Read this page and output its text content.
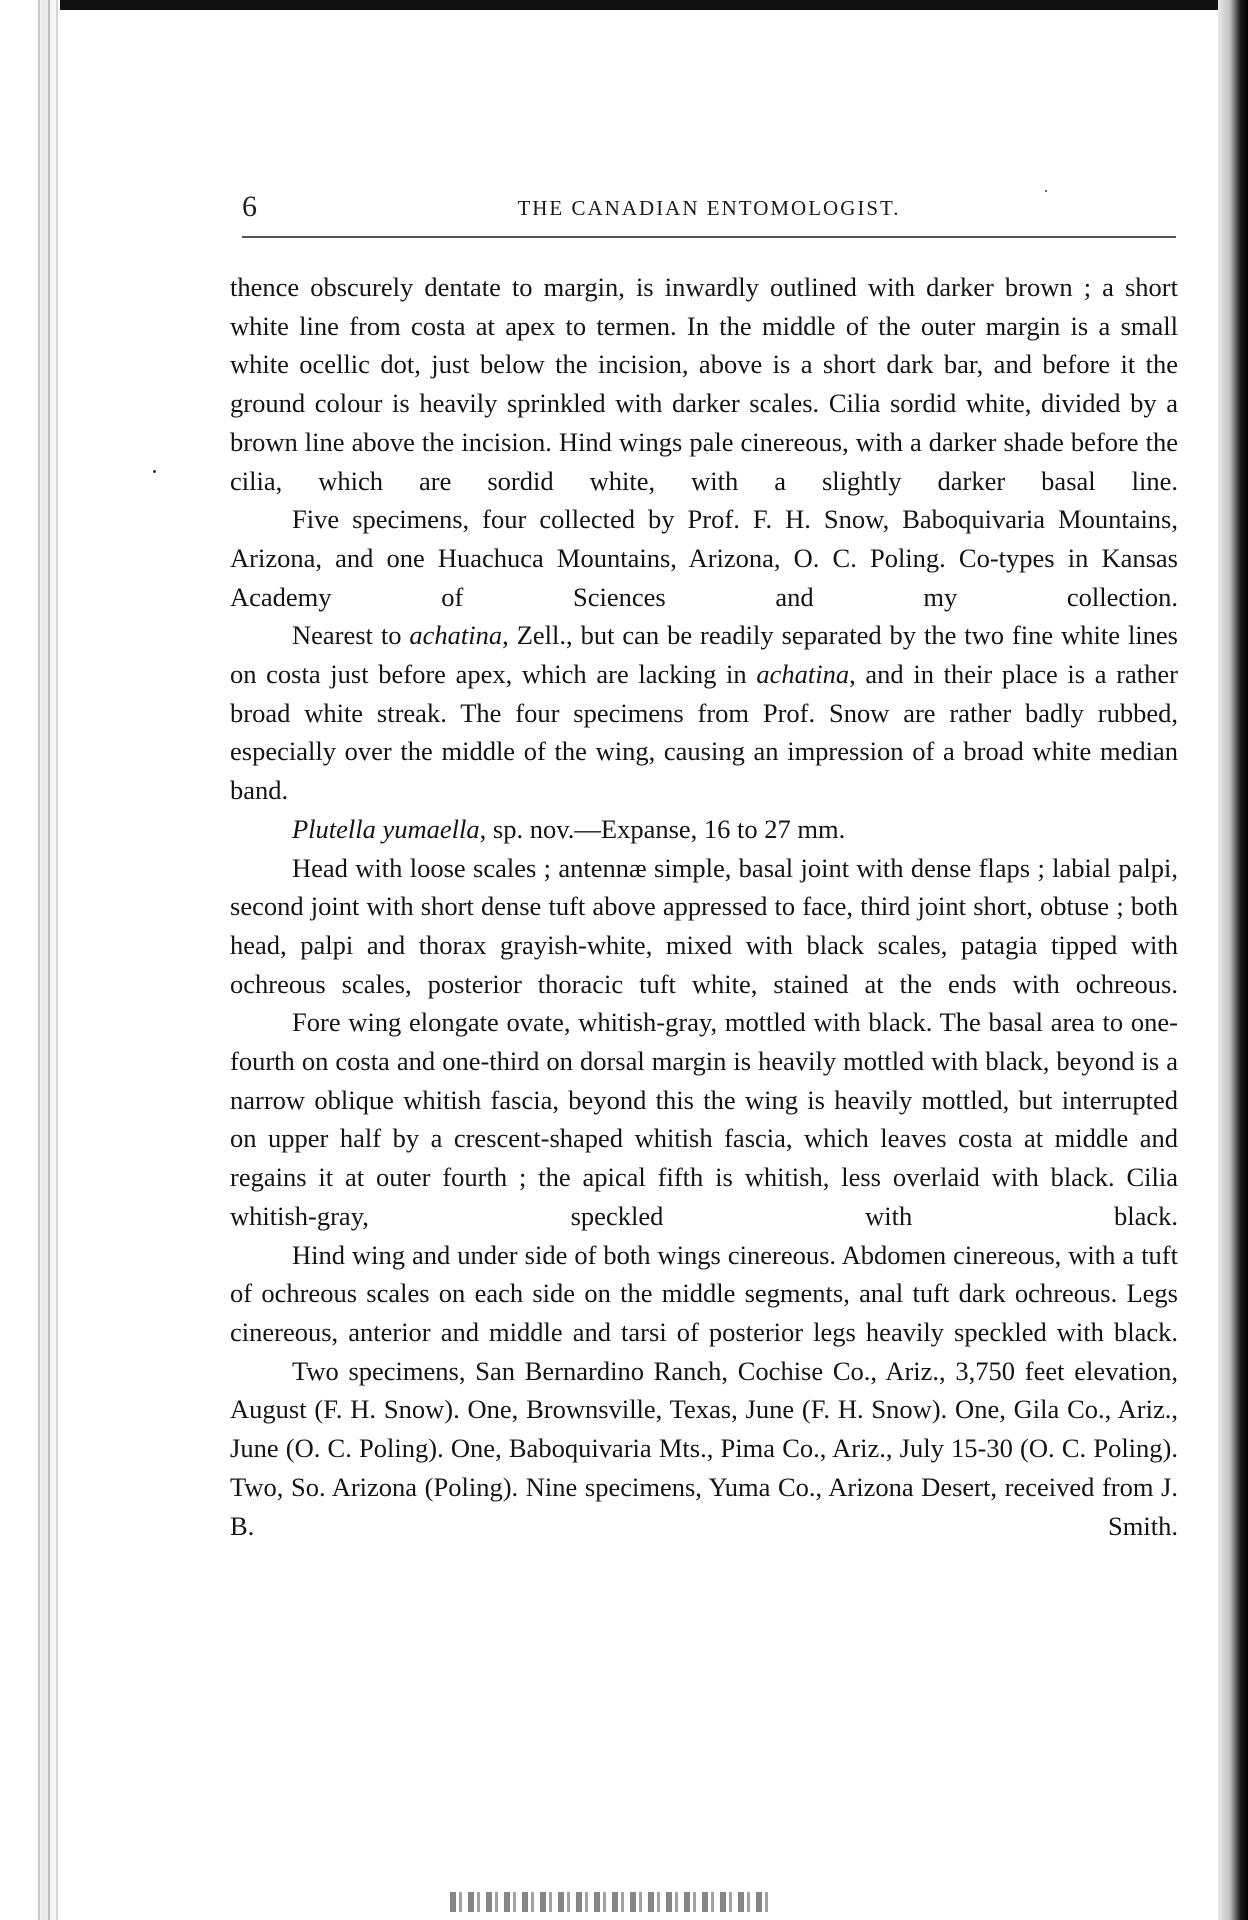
6	THE CANADIAN ENTOMOLOGIST.

thence obscurely dentate to margin, is inwardly outlined with darker brown ; a short white line from costa at apex to termen. In the middle of the outer margin is a small white ocellic dot, just below the incision, above is a short dark bar, and before it the ground colour is heavily sprinkled with darker scales. Cilia sordid white, divided by a brown line above the incision. Hind wings pale cinereous, with a darker shade before the cilia, which are sordid white, with a slightly darker basal line.

Five specimens, four collected by Prof. F. H. Snow, Baboquivaria Mountains, Arizona, and one Huachuca Mountains, Arizona, O. C. Poling. Co-types in Kansas Academy of Sciences and my collection.

Nearest to achatina, Zell., but can be readily separated by the two fine white lines on costa just before apex, which are lacking in achatina, and in their place is a rather broad white streak. The four specimens from Prof. Snow are rather badly rubbed, especially over the middle of the wing, causing an impression of a broad white median band.

Plutella yumaella, sp. nov.—Expanse, 16 to 27 mm.

Head with loose scales ; antennæ simple, basal joint with dense flaps ; labial palpi, second joint with short dense tuft above appressed to face, third joint short, obtuse ; both head, palpi and thorax grayish-white, mixed with black scales, patagia tipped with ochreous scales, posterior thoracic tuft white, stained at the ends with ochreous.

Fore wing elongate ovate, whitish-gray, mottled with black. The basal area to one-fourth on costa and one-third on dorsal margin is heavily mottled with black, beyond is a narrow oblique whitish fascia, beyond this the wing is heavily mottled, but interrupted on upper half by a crescent-shaped whitish fascia, which leaves costa at middle and regains it at outer fourth ; the apical fifth is whitish, less overlaid with black. Cilia whitish-gray, speckled with black.

Hind wing and under side of both wings cinereous. Abdomen cinereous, with a tuft of ochreous scales on each side on the middle segments, anal tuft dark ochreous. Legs cinereous, anterior and middle and tarsi of posterior legs heavily speckled with black.

Two specimens, San Bernardino Ranch, Cochise Co., Ariz., 3,750 feet elevation, August (F. H. Snow). One, Brownsville, Texas, June (F. H. Snow). One, Gila Co., Ariz., June (O. C. Poling). One, Baboquivaria Mts., Pima Co., Ariz., July 15-30 (O. C. Poling). Two, So. Arizona (Poling). Nine specimens, Yuma Co., Arizona Desert, received from J. B. Smith.
